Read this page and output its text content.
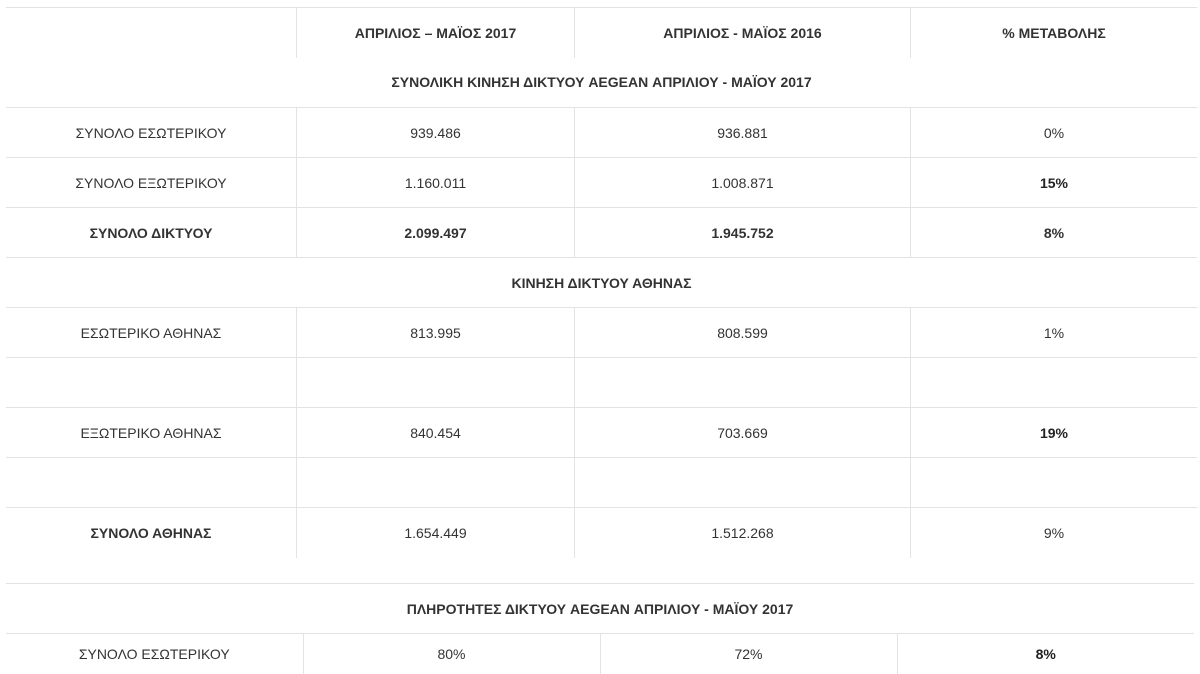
	ΑΠΡΙΛΙΟΣ – ΜΑΪΟΣ 2017	ΑΠΡΙΛΙΟΣ - ΜΑΪΟΣ 2016	% ΜΕΤΑΒΟΛΗΣ
ΣΥΝΟΛΙΚΗ ΚΙΝΗΣΗ ΔΙΚΤΥΟΥ AEGEAN ΑΠΡΙΛΙΟΥ - ΜΑΪΟΥ 2017			
ΣΥΝΟΛΟ ΕΣΩΤΕΡΙΚΟΥ	939.486	936.881	0%
ΣΥΝΟΛΟ ΕΞΩΤΕΡΙΚΟΥ	1.160.011	1.008.871	15%
ΣΥΝΟΛΟ ΔΙΚΤΥΟΥ	2.099.497	1.945.752	8%
ΚΙΝΗΣΗ ΔΙΚΤΥΟΥ ΑΘΗΝΑΣ			
ΕΣΩΤΕΡΙΚΟ ΑΘΗΝΑΣ	813.995	808.599	1%

ΕΞΩΤΕΡΙΚΟ ΑΘΗΝΑΣ	840.454	703.669	19%

ΣΥΝΟΛΟ ΑΘΗΝΑΣ	1.654.449	1.512.268	9%
ΠΛΗΡΟΤΗΤΕΣ ΔΙΚΤΥΟΥ AEGEAN ΑΠΡΙΛΙΟΥ - ΜΑΪΟΥ 2017
ΣΥΝΟΛΟ ΕΣΩΤΕΡΙΚΟΥ	80%	72%	8%
